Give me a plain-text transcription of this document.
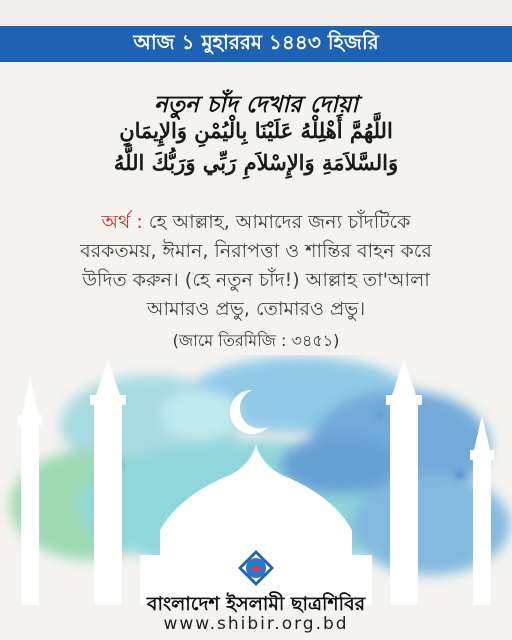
আজ ১ মুহাররম ১৪৪৩ হিজরি
নতুন চাঁদ দেখার দোয়া
اللَّهُمَّ أَهْلِلْهُ عَلَيْنَا بِالْيُمْنِ وَالإِيمَانِ
وَالسَّلاَمَةِ وَالإِسْلاَمِ رَبِّي وَرَبُّكَ اللَّهُ
অর্থ : হে আল্লাহ, আমাদের জন্য চাঁদটিকে
বরকতময়, ঈমান, নিরাপত্তা ও শান্তির বাহন করে
উদিত করুন। (হে নতুন চাঁদ!) আল্লাহ তা'আলা
আমারও প্রভু, তোমারও প্রভু।
(জামে তিরমিজি : ৩৪৫১)
বাংলাদেশ ইসলামী ছাত্রশিবির
www.shibir.org.bd
